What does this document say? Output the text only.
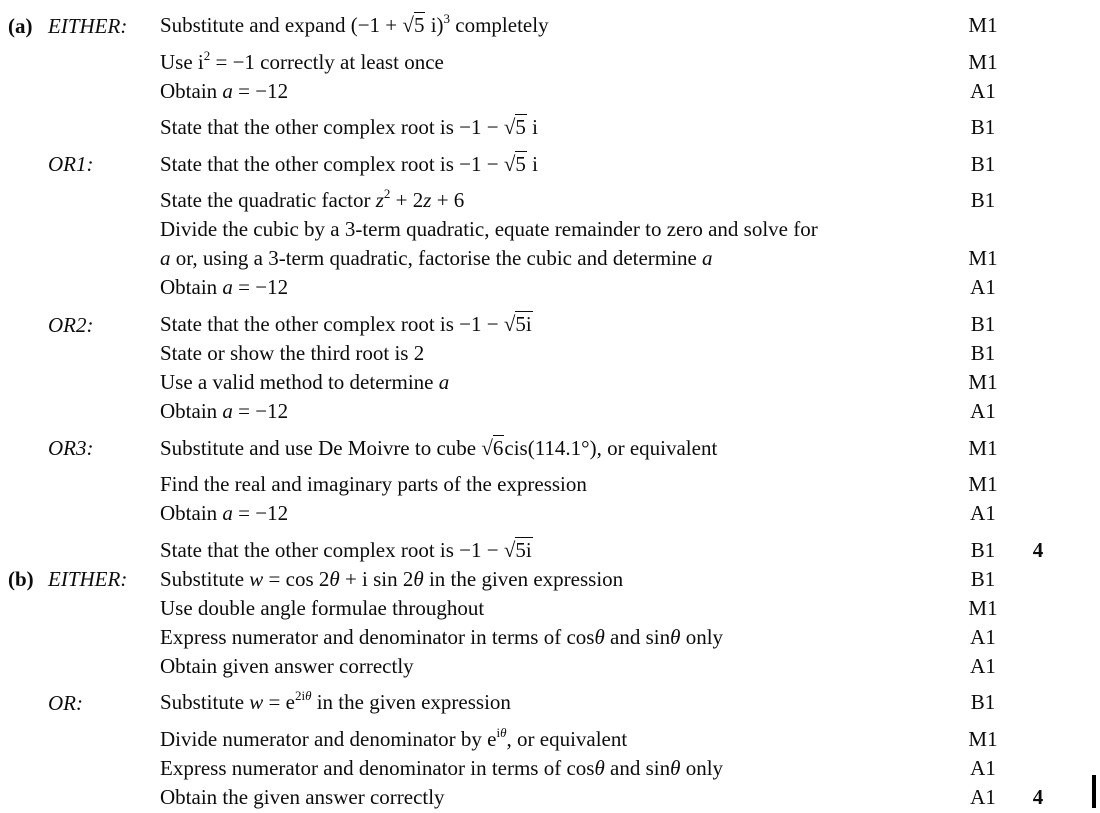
(a) EITHER:	Substitute and expand (−1 + √ 5 i)$^3$ completely	M1
Use $i^2 = -1$ correctly at least once	M1
Obtain a = −12	A1
State that the other complex root is −1 − √ 5 i	B1
OR1:	State that the other complex root is −1 − √ 5 i	B1
State the quadratic factor $z^2 + 2z + 6$	B1
Divide the cubic by a 3-term quadratic, equate remainder to zero and solve for
a or, using a 3-term quadratic, factorise the cubic and determine a	M1
Obtain a = −12	A1
OR2:	State that the other complex root is −1 − √ 5i	B1
State or show the third root is 2	B1
Use a valid method to determine a	M1
Obtain a = −12	A1
OR3:	Substitute and use De Moivre to cube √ 6cis(114.1°), or equivalent	M1
Find the real and imaginary parts of the expression	M1
Obtain a = −12	A1
State that the other complex root is −1 − √ 5i	B1	4
(b) EITHER:	Substitute w = cos 2θ + i sin 2θ in the given expression	B1
Use double angle formulae throughout	M1
Express numerator and denominator in terms of cosθ and sinθ only	A1
Obtain given answer correctly	A1
OR:	Substitute $w = e^{2i\theta}$ in the given expression	B1
Divide numerator and denominator by $e^{i\theta}$, or equivalent	M1
Express numerator and denominator in terms of cosθ and sinθ only	A1
Obtain the given answer correctly	A1	4
